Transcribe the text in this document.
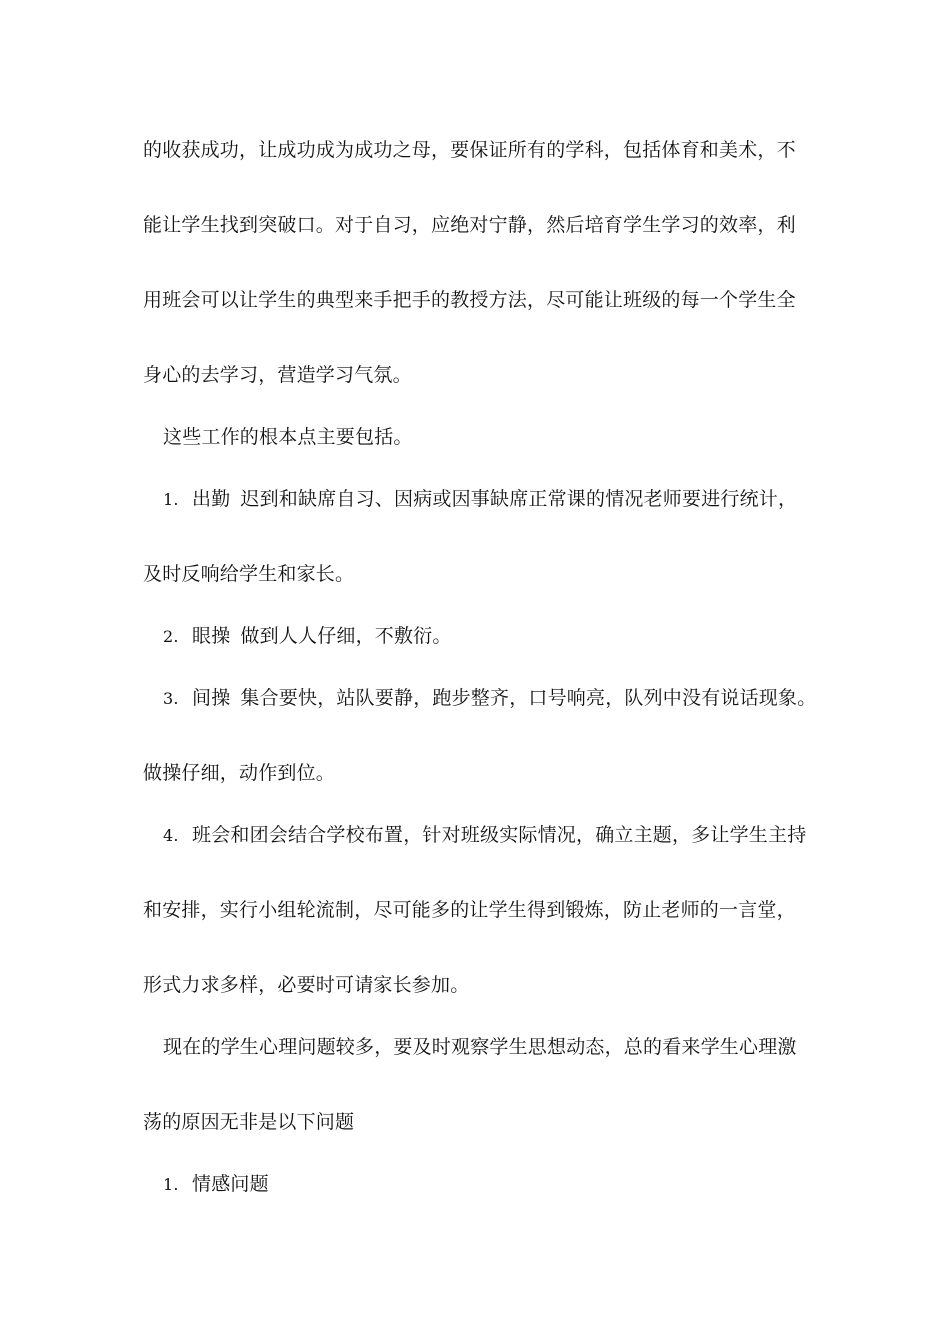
的收获成功，让成功成为成功之母，要保证所有的学科，包括体育和美术，不
能让学生找到突破口。对于自习，应绝对宁静，然后培育学生学习的效率，利
用班会可以让学生的典型来手把手的教授方法，尽可能让班级的每一个学生全
身心的去学习，营造学习气氛。
这些工作的根本点主要包括。
1. 出勤 迟到和缺席自习、因病或因事缺席正常课的情况老师要进行统计，
及时反响给学生和家长。
2. 眼操 做到人人仔细，不敷衍。
3. 间操 集合要快，站队要静，跑步整齐，口号响亮，队列中没有说话现象。
做操仔细，动作到位。
4. 班会和团会结合学校布置，针对班级实际情况，确立主题，多让学生主持
和安排，实行小组轮流制，尽可能多的让学生得到锻炼，防止老师的一言堂，
形式力求多样，必要时可请家长参加。
现在的学生心理问题较多，要及时观察学生思想动态，总的看来学生心理激
荡的原因无非是以下问题
1. 情感问题
